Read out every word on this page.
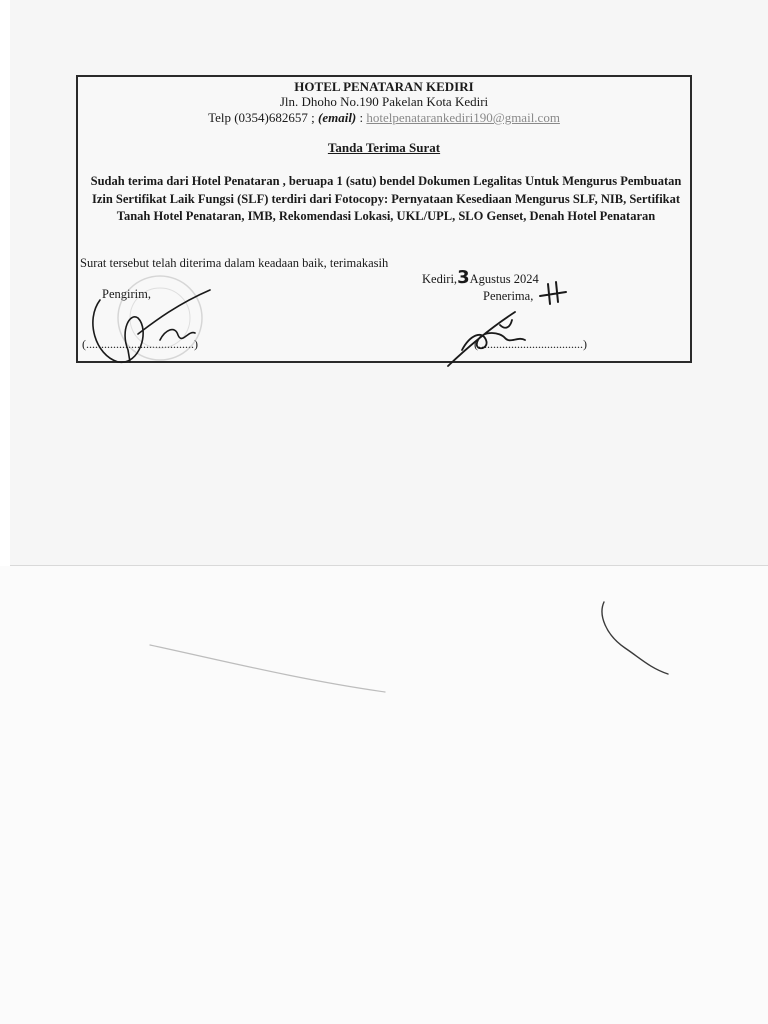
HOTEL PENATARAN KEDIRI
Jln. Dhoho No.190 Pakelan Kota Kediri
Telp (0354)682657 ; (email) : hotelpenatarankediri190@gmail.com
Tanda Terima Surat
Sudah terima dari Hotel Penataran , beruapa 1 (satu) bendel Dokumen Legalitas Untuk Mengurus Pembuatan Izin Sertifikat Laik Fungsi (SLF) terdiri dari Fotocopy: Pernyataan Kesediaan Mengurus SLF, NIB, Sertifikat Tanah Hotel Penataran, IMB, Rekomendasi Lokasi, UKL/UPL, SLO Genset, Denah Hotel Penataran
Surat tersebut telah diterima dalam keadaan baik, terimakasih
Kediri,3Agustus 2024
Pengirim,	Penerima,
(....................................)	(...................................)
